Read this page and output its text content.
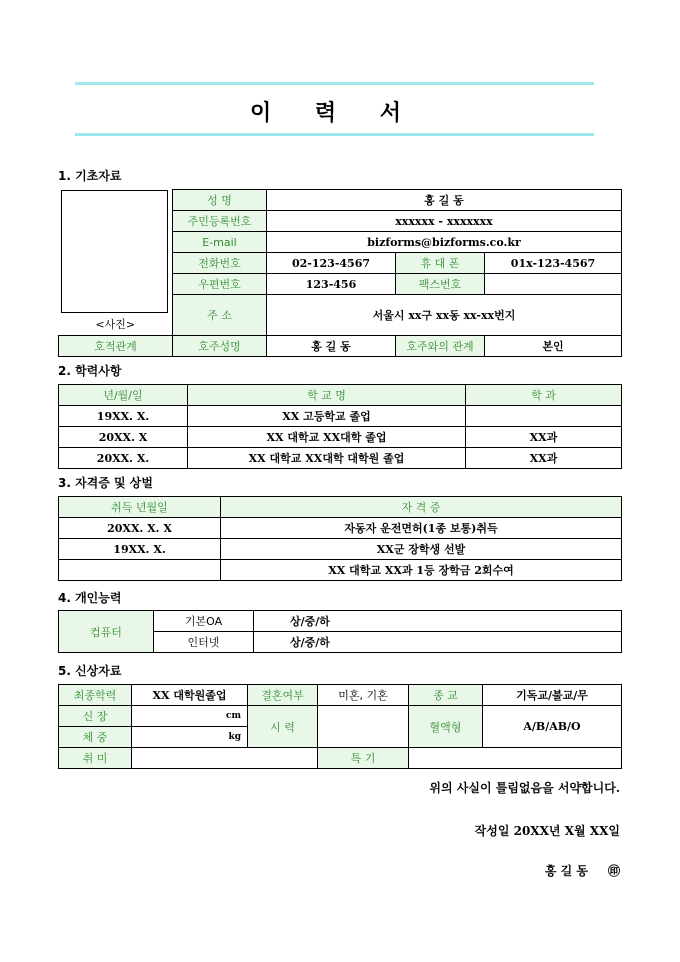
이 력 서
1. 기초자료
<사진>	성 명	홍 길 동		
	주민등록번호	xxxxxx - xxxxxxx		
	E-mail	bizforms@bizforms.co.kr		
	전화번호	02-123-4567	휴 대 폰	01x-123-4567
	우편번호	123-456	팩스번호	
	주 소	서울시 xx구 xx동 xx-xx번지		

호적관계	호주성명	홍 길 동	호주와의 관계	본인
2. 학력사항
년/월/일	학 교 명	학 과
19XX. X.	XX 고등학교 졸업	
20XX. X	XX 대학교 XX대학 졸업	XX과
20XX. X.	XX 대학교 XX대학 대학원 졸업	XX과
3. 자격증 및 상벌
취득 년월일	자 격 증
20XX. X. X	자동자 운전면허(1종 보통)취득
19XX. X.	XX군 장학생 선발
	XX 대학교 XX과 1등 장학금 2회수여
4. 개인능력
컴퓨터	기본OA	상/중/하
	인터넷	상/중/하
5. 신상자료
최종학력	XX 대학원졸업	결혼여부	미혼, 기혼	종 교	기독교/불교/무
신 장	cm	시 력		혈액형	A/B/AB/O
체 중	kg				
취 미			특 기		
위의 사실이 틀림없음을 서약합니다.
작성일 20XX년 X월 XX일
홍 길 동 ㊞
